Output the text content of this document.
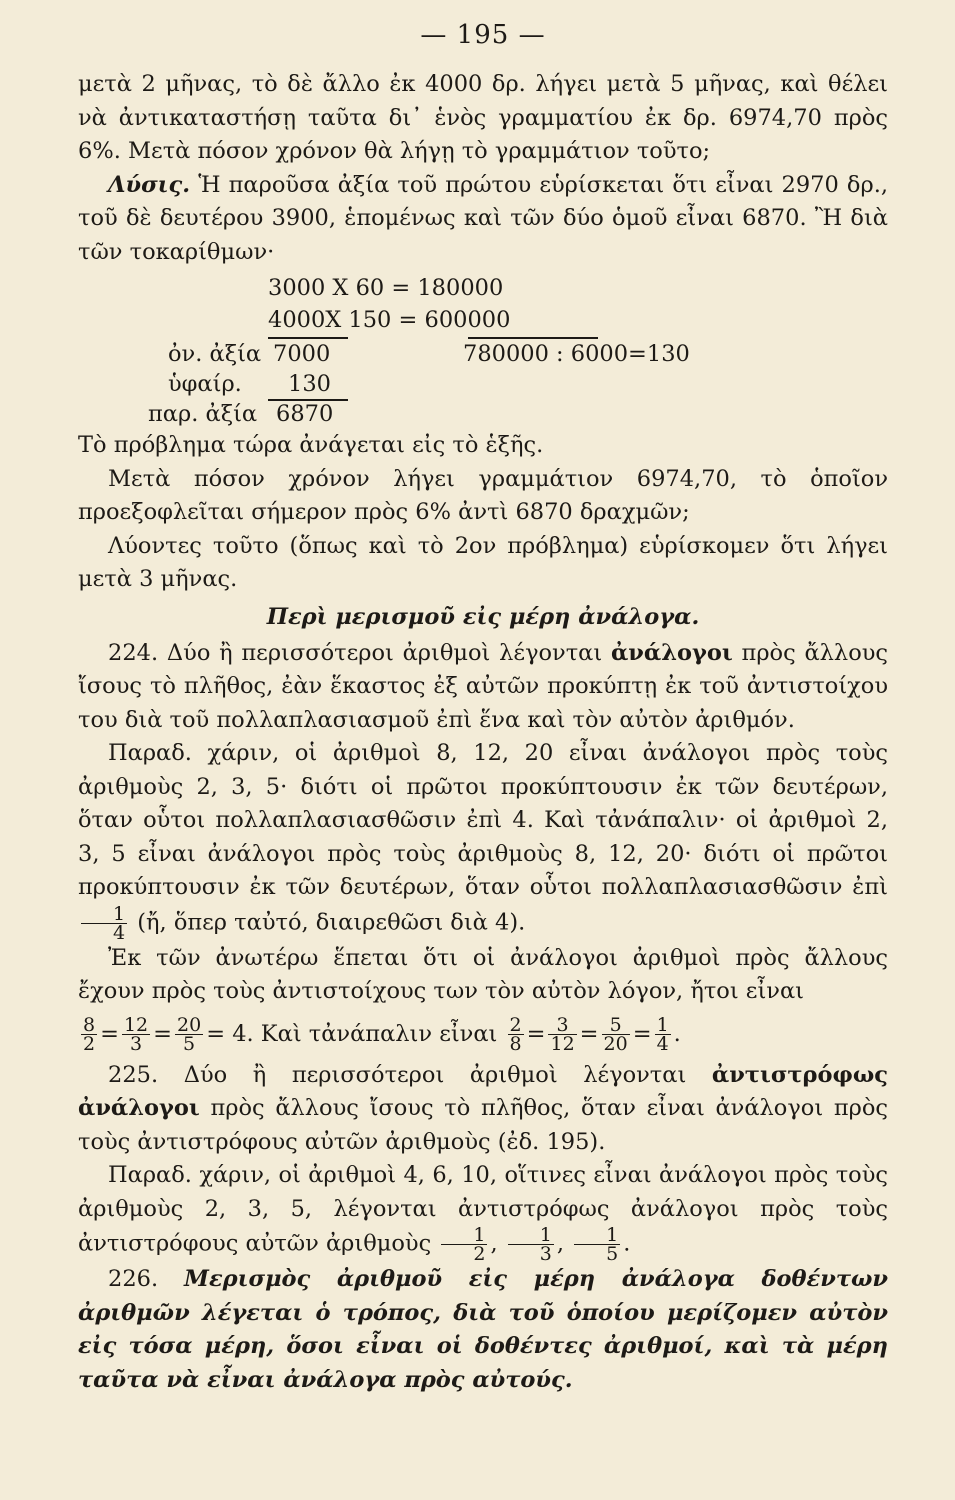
— 195 —

μετὰ 2 μῆνας, τὸ δὲ ἄλλο ἐκ 4000 δρ. λήγει μετὰ 5 μῆνας, καὶ θέλει νὰ ἀντικαταστήσῃ ταῦτα δι᾽ ἑνὸς γραμματίου ἐκ δρ. 6974,70 πρὸς 6%. Μετὰ πόσον χρόνον θὰ λήγῃ τὸ γραμμάτιον τοῦτο;

Λύσις. Ἡ παροῦσα ἀξία τοῦ πρώτου εὑρίσκεται ὅτι εἶναι 2970 δρ., τοῦ δὲ δευτέρου 3900, ἑπομένως καὶ τῶν δύο ὁμοῦ εἶναι 6870. Ἢ διὰ τῶν τοκαρίθμων·

3000 X 60 = 180000
4000X 150 = 600000
ὀν. ἀξία 7000	780000 : 6000=130
ὑφαίρ. 130
παρ. ἀξία 6870

Τὸ πρόβλημα τώρα ἀνάγεται εἰς τὸ ἑξῆς.

Μετὰ πόσον χρόνον λήγει γραμμάτιον 6974,70, τὸ ὁποῖον προεξοφλεῖται σήμερον πρὸς 6% ἀντὶ 6870 δραχμῶν;

Λύοντες τοῦτο (ὅπως καὶ τὸ 2ον πρόβλημα) εὑρίσκομεν ὅτι λήγει μετὰ 3 μῆνας.

Περὶ μερισμοῦ εἰς μέρη ἀνάλογα.

224. Δύο ἢ περισσότεροι ἀριθμοὶ λέγονται ἀνάλογοι πρὸς ἄλλους ἴσους τὸ πλῆθος, ἐὰν ἕκαστος ἐξ αὐτῶν προκύπτῃ ἐκ τοῦ ἀντιστοίχου του διὰ τοῦ πολλαπλασιασμοῦ ἐπὶ ἕνα καὶ τὸν αὐτὸν ἀριθμόν.

Παραδ. χάριν, οἱ ἀριθμοὶ 8, 12, 20 εἶναι ἀνάλογοι πρὸς τοὺς ἀριθμοὺς 2, 3, 5· διότι οἱ πρῶτοι προκύπτουσιν ἐκ τῶν δευτέρων, ὅταν οὗτοι πολλαπλασιασθῶσιν ἐπὶ 4. Καὶ τἀνάπαλιν· οἱ ἀριθμοὶ 2, 3, 5 εἶναι ἀνάλογοι πρὸς τοὺς ἀριθμοὺς 8, 12, 20· διότι οἱ πρῶτοι προκύπτουσιν ἐκ τῶν δευτέρων, ὅταν οὗτοι πολλαπλασιασθῶσιν ἐπὶ
$\frac{1}{4}$ (ἤ, ὅπερ ταὐτό, διαιρεθῶσι διὰ 4).

Ἐκ τῶν ἀνωτέρω ἕπεται ὅτι οἱ ἀνάλογοι ἀριθμοὶ πρὸς ἄλλους ἔχουν πρὸς τοὺς ἀντιστοίχους των τὸν αὐτὸν λόγον, ἤτοι εἶναι

$\frac{8}{2} = \frac{12}{3} = \frac{20}{5} = 4$. Καὶ τἀνάπαλιν εἶναι $\frac{2}{8} = \frac{3}{12} = \frac{5}{20} = \frac{1}{4}$ .

225. Δύο ἢ περισσότεροι ἀριθμοὶ λέγονται ἀντιστρόφως ἀνάλογοι πρὸς ἄλλους ἴσους τὸ πλῆθος, ὅταν εἶναι ἀνάλογοι πρὸς τοὺς ἀντιστρόφους αὐτῶν ἀριθμοὺς (ἐδ. 195).

Παραδ. χάριν, οἱ ἀριθμοὶ 4, 6, 10, οἵτινες εἶναι ἀνάλογοι πρὸς τοὺς ἀριθμοὺς 2, 3, 5, λέγονται ἀντιστρόφως ἀνάλογοι πρὸς τοὺς ἀντιστρόφους αὐτῶν ἀριθμοὺς $\frac{1}{2}$ , $\frac{1}{3}$ , $\frac{1}{5}$ .

226. Μερισμὸς ἀριθμοῦ εἰς μέρη ἀνάλογα δοθέντων ἀριθμῶν λέγεται ὁ τρόπος, διὰ τοῦ ὁποίου μερίζομεν αὐτὸν εἰς τόσα μέρη, ὅσοι εἶναι οἱ δοθέντες ἀριθμοί, καὶ τὰ μέρη ταῦτα νὰ εἶναι ἀνάλογα πρὸς αὐτούς.
